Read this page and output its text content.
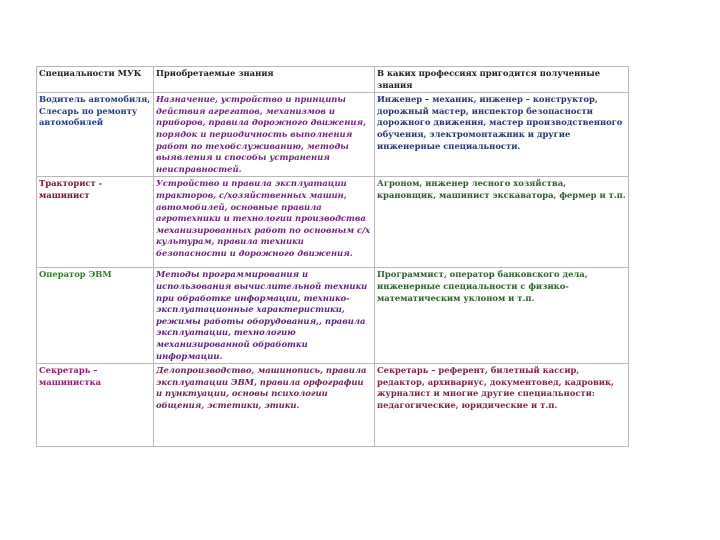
Специальности МУК	Приобретаемые знания	В каких профессиях пригодится полученные знания
Водитель автомобиля, Слесарь по ремонту автомобилей	Назначение, устройство и принципы действия агрегатов, механизмов и приборов, правила дорожного движения, порядок и периодичность выполнения работ по техобслуживанию, методы выявления и способы устранения неисправностей.	Инженер – механик, инженер – конструктор, дорожный мастер, инспектор безопасности дорожного движения, мастер производственного обучения, электромонтажник и другие инженерные специальности.
Тракторист - машинист	Устройство и правила эксплуатации тракторов, с/хозяйственных машин, автомобилей, основные правила агротехники и технологии производства механизированных работ по основным с/х культурам, правила техники безопасности и дорожного движения.	Агроном, инженер лесного хозяйства, крановщик, машинист экскаватора, фермер и т.п.
Оператор ЭВМ	Методы программирования и использования вычислительной техники при обработке информации, технико-эксплуатационные характеристики, режимы работы оборудования,, правила эксплуатации, технологию механизированной обработки информации.	Программист, оператор банковского дела, инженерные специальности с физико-математическим уклоном и т.п.
Секретарь – машинистка	Делопроизводство, машинопись, правила эксплуатации ЭВМ, правила орфографии и пунктуации, основы психологии общения, эстетики, этики.	Секретарь – референт, билетный кассир, редактор, архивариус, документовед, кадровик, журналист и многие другие специальности: педагогические, юридические и т.п.
